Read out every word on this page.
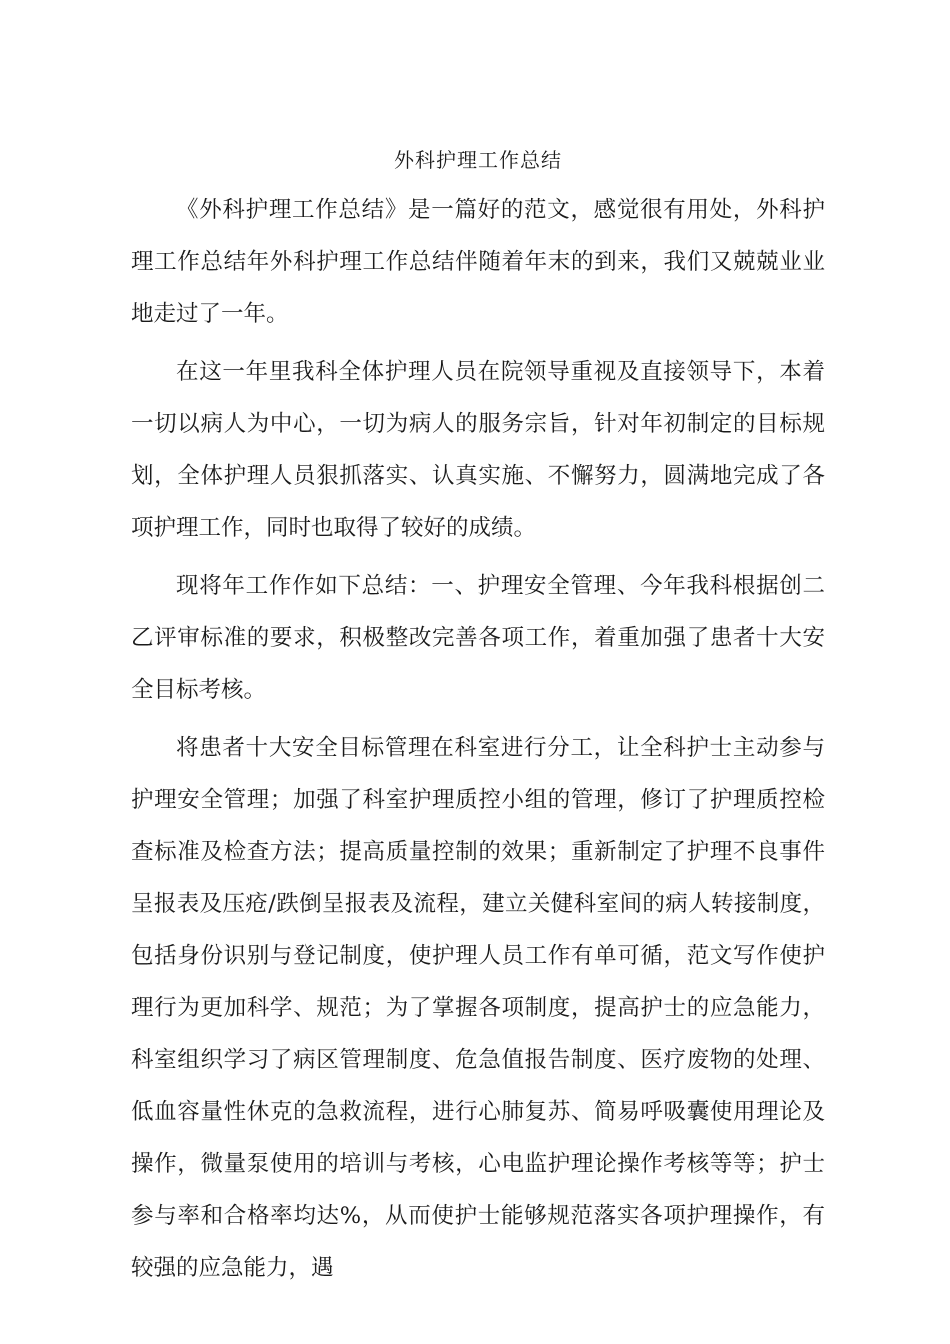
外科护理工作总结

《外科护理工作总结》是一篇好的范文，感觉很有用处，外科护理工作总结年外科护理工作总结伴随着年末的到来，我们又兢兢业业地走过了一年。

在这一年里我科全体护理人员在院领导重视及直接领导下，本着一切以病人为中心，一切为病人的服务宗旨，针对年初制定的目标规划，全体护理人员狠抓落实、认真实施、不懈努力，圆满地完成了各项护理工作，同时也取得了较好的成绩。

现将年工作作如下总结：一、护理安全管理、今年我科根据创二乙评审标准的要求，积极整改完善各项工作，着重加强了患者十大安全目标考核。

将患者十大安全目标管理在科室进行分工，让全科护士主动参与护理安全管理；加强了科室护理质控小组的管理，修订了护理质控检查标准及检查方法；提高质量控制的效果；重新制定了护理不良事件呈报表及压疮/跌倒呈报表及流程，建立关健科室间的病人转接制度，包括身份识别与登记制度，使护理人员工作有单可循，范文写作使护理行为更加科学、规范；为了掌握各项制度，提高护士的应急能力，科室组织学习了病区管理制度、危急值报告制度、医疗废物的处理、低血容量性休克的急救流程，进行心肺复苏、简易呼吸囊使用理论及操作，微量泵使用的培训与考核，心电监护理论操作考核等等；护士参与率和合格率均达%，从而使护士能够规范落实各项护理操作，有较强的应急能力，遇
